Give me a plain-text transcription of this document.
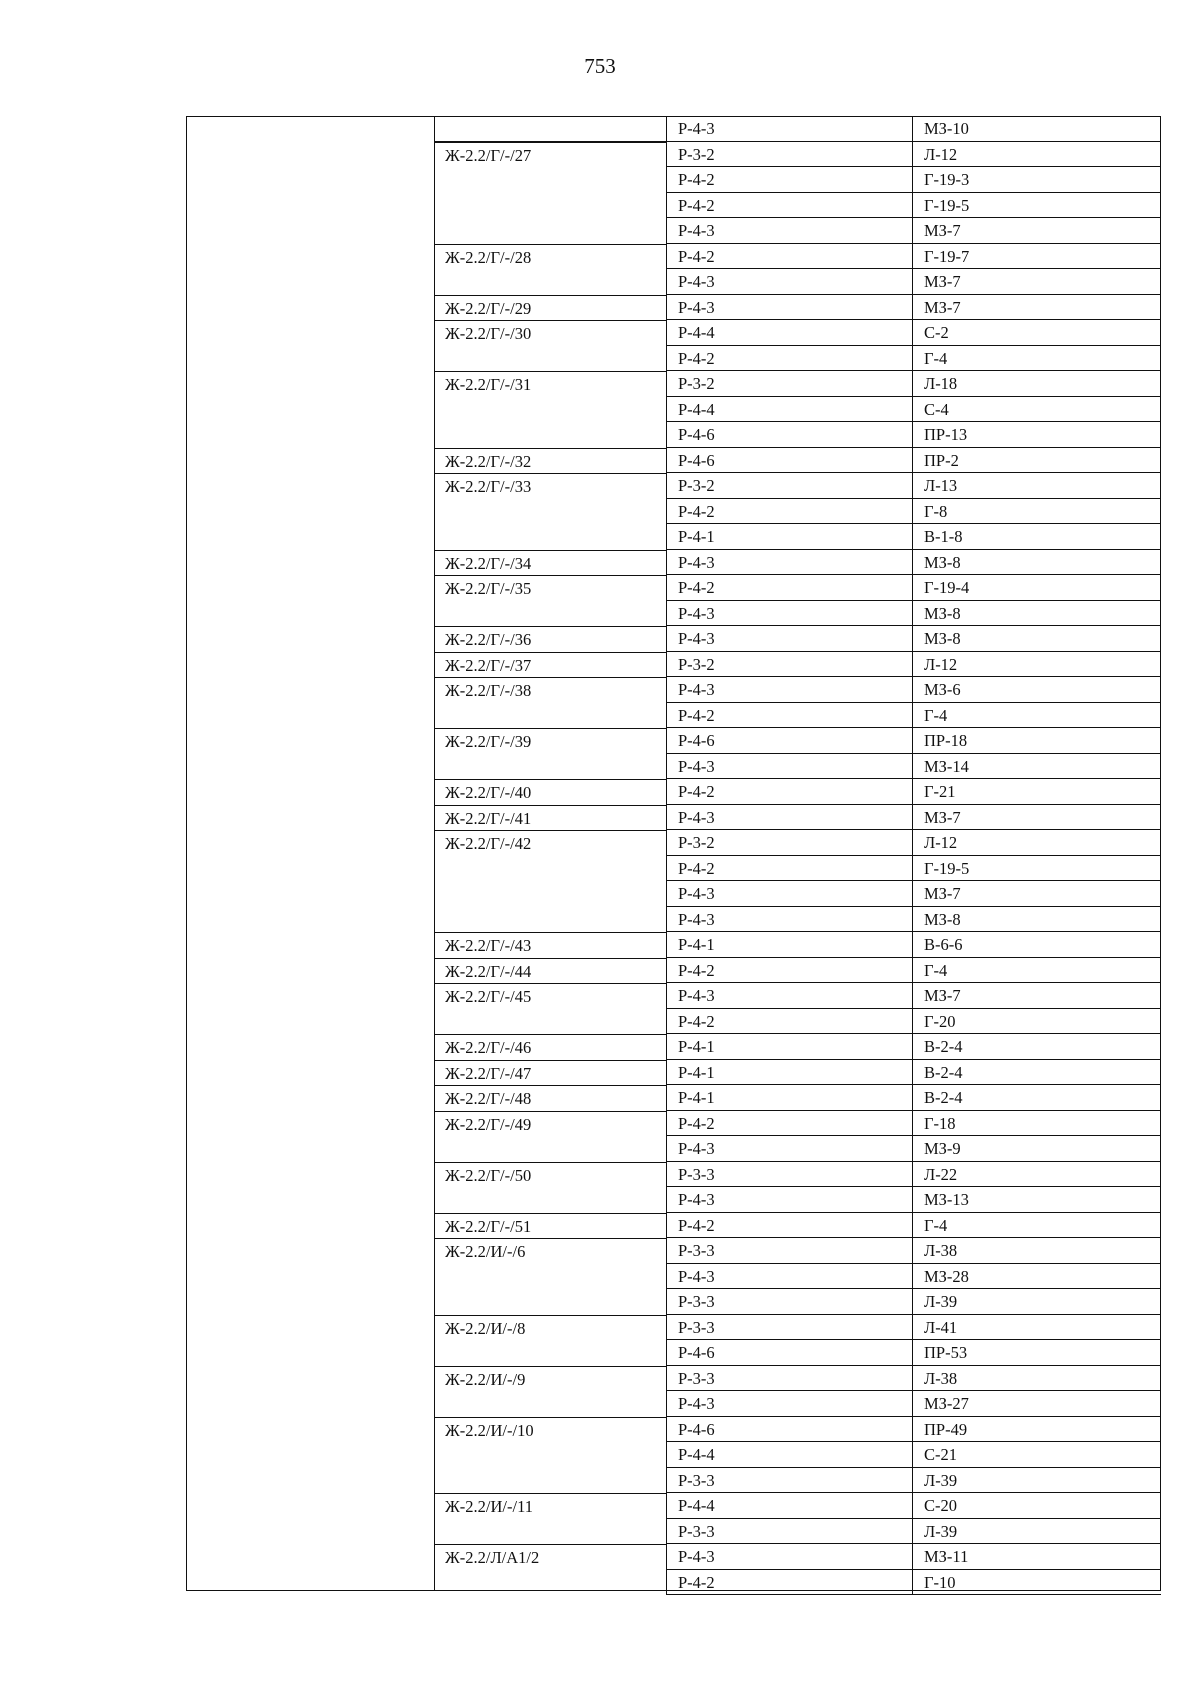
753
Р-4-3	МЗ-10
Ж-2.2/Г/-/27	Р-3-2	Л-12
Р-4-2	Г-19-3
Р-4-2	Г-19-5
Р-4-3	МЗ-7
Ж-2.2/Г/-/28	Р-4-2	Г-19-7
Р-4-3	МЗ-7
Ж-2.2/Г/-/29	Р-4-3	МЗ-7
Ж-2.2/Г/-/30	Р-4-4	С-2
Р-4-2	Г-4
Ж-2.2/Г/-/31	Р-3-2	Л-18
Р-4-4	С-4
Р-4-6	ПР-13
Ж-2.2/Г/-/32	Р-4-6	ПР-2
Ж-2.2/Г/-/33	Р-3-2	Л-13
Р-4-2	Г-8
Р-4-1	В-1-8
Ж-2.2/Г/-/34	Р-4-3	МЗ-8
Ж-2.2/Г/-/35	Р-4-2	Г-19-4
Р-4-3	МЗ-8
Ж-2.2/Г/-/36	Р-4-3	МЗ-8
Ж-2.2/Г/-/37	Р-3-2	Л-12
Ж-2.2/Г/-/38	Р-4-3	МЗ-6
Р-4-2	Г-4
Ж-2.2/Г/-/39	Р-4-6	ПР-18
Р-4-3	МЗ-14
Ж-2.2/Г/-/40	Р-4-2	Г-21
Ж-2.2/Г/-/41	Р-4-3	МЗ-7
Ж-2.2/Г/-/42	Р-3-2	Л-12
Р-4-2	Г-19-5
Р-4-3	МЗ-7
Р-4-3	МЗ-8
Ж-2.2/Г/-/43	Р-4-1	В-6-6
Ж-2.2/Г/-/44	Р-4-2	Г-4
Ж-2.2/Г/-/45	Р-4-3	МЗ-7
Р-4-2	Г-20
Ж-2.2/Г/-/46	Р-4-1	В-2-4
Ж-2.2/Г/-/47	Р-4-1	В-2-4
Ж-2.2/Г/-/48	Р-4-1	В-2-4
Ж-2.2/Г/-/49	Р-4-2	Г-18
Р-4-3	МЗ-9
Ж-2.2/Г/-/50	Р-3-3	Л-22
Р-4-3	МЗ-13
Ж-2.2/Г/-/51	Р-4-2	Г-4
Ж-2.2/И/-/6	Р-3-3	Л-38
Р-4-3	МЗ-28
Р-3-3	Л-39
Ж-2.2/И/-/8	Р-3-3	Л-41
Р-4-6	ПР-53
Ж-2.2/И/-/9	Р-3-3	Л-38
Р-4-3	МЗ-27
Ж-2.2/И/-/10	Р-4-6	ПР-49
Р-4-4	С-21
Р-3-3	Л-39
Ж-2.2/И/-/11	Р-4-4	С-20
Р-3-3	Л-39
Ж-2.2/Л/А1/2	Р-4-3	МЗ-11
Р-4-2	Г-10
